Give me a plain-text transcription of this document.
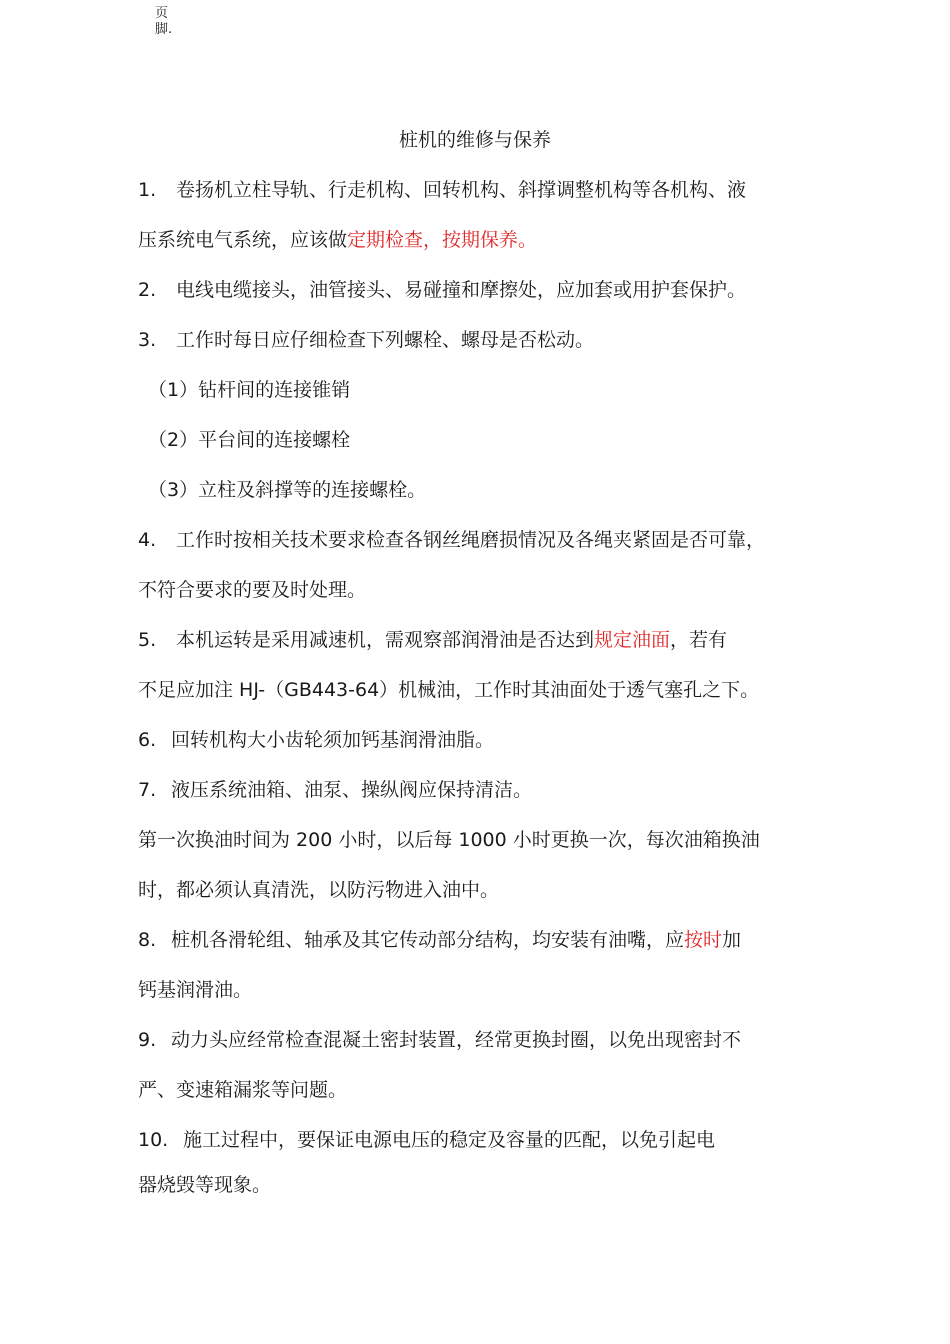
页
脚.
桩机的维修与保养
1. 卷扬机立柱导轨、行走机构、回转机构、斜撑调整机构等各机构、液
压系统电气系统，应该做定期检查，按期保养。
2. 电线电缆接头，油管接头、易碰撞和摩擦处，应加套或用护套保护。
3. 工作时每日应仔细检查下列螺栓、螺母是否松动。
（1）钻杆间的连接锥销
（2）平台间的连接螺栓
（3）立柱及斜撑等的连接螺栓。
4. 工作时按相关技术要求检查各钢丝绳磨损情况及各绳夹紧固是否可靠，
不符合要求的要及时处理。
5. 本机运转是采用减速机，需观察部润滑油是否达到规定油面，若有
不足应加注 HJ-（GB443-64）机械油，工作时其油面处于透气塞孔之下。
6. 回转机构大小齿轮须加钙基润滑油脂。
7. 液压系统油箱、油泵、操纵阀应保持清洁。
第一次换油时间为 200 小时，以后每 1000 小时更换一次，每次油箱换油
时，都必须认真清洗，以防污物进入油中。
8. 桩机各滑轮组、轴承及其它传动部分结构，均安装有油嘴，应按时加
钙基润滑油。
9. 动力头应经常检查混凝土密封装置，经常更换封圈，以免出现密封不
严、变速箱漏浆等问题。
10. 施工过程中，要保证电源电压的稳定及容量的匹配，以免引起电
器烧毁等现象。
